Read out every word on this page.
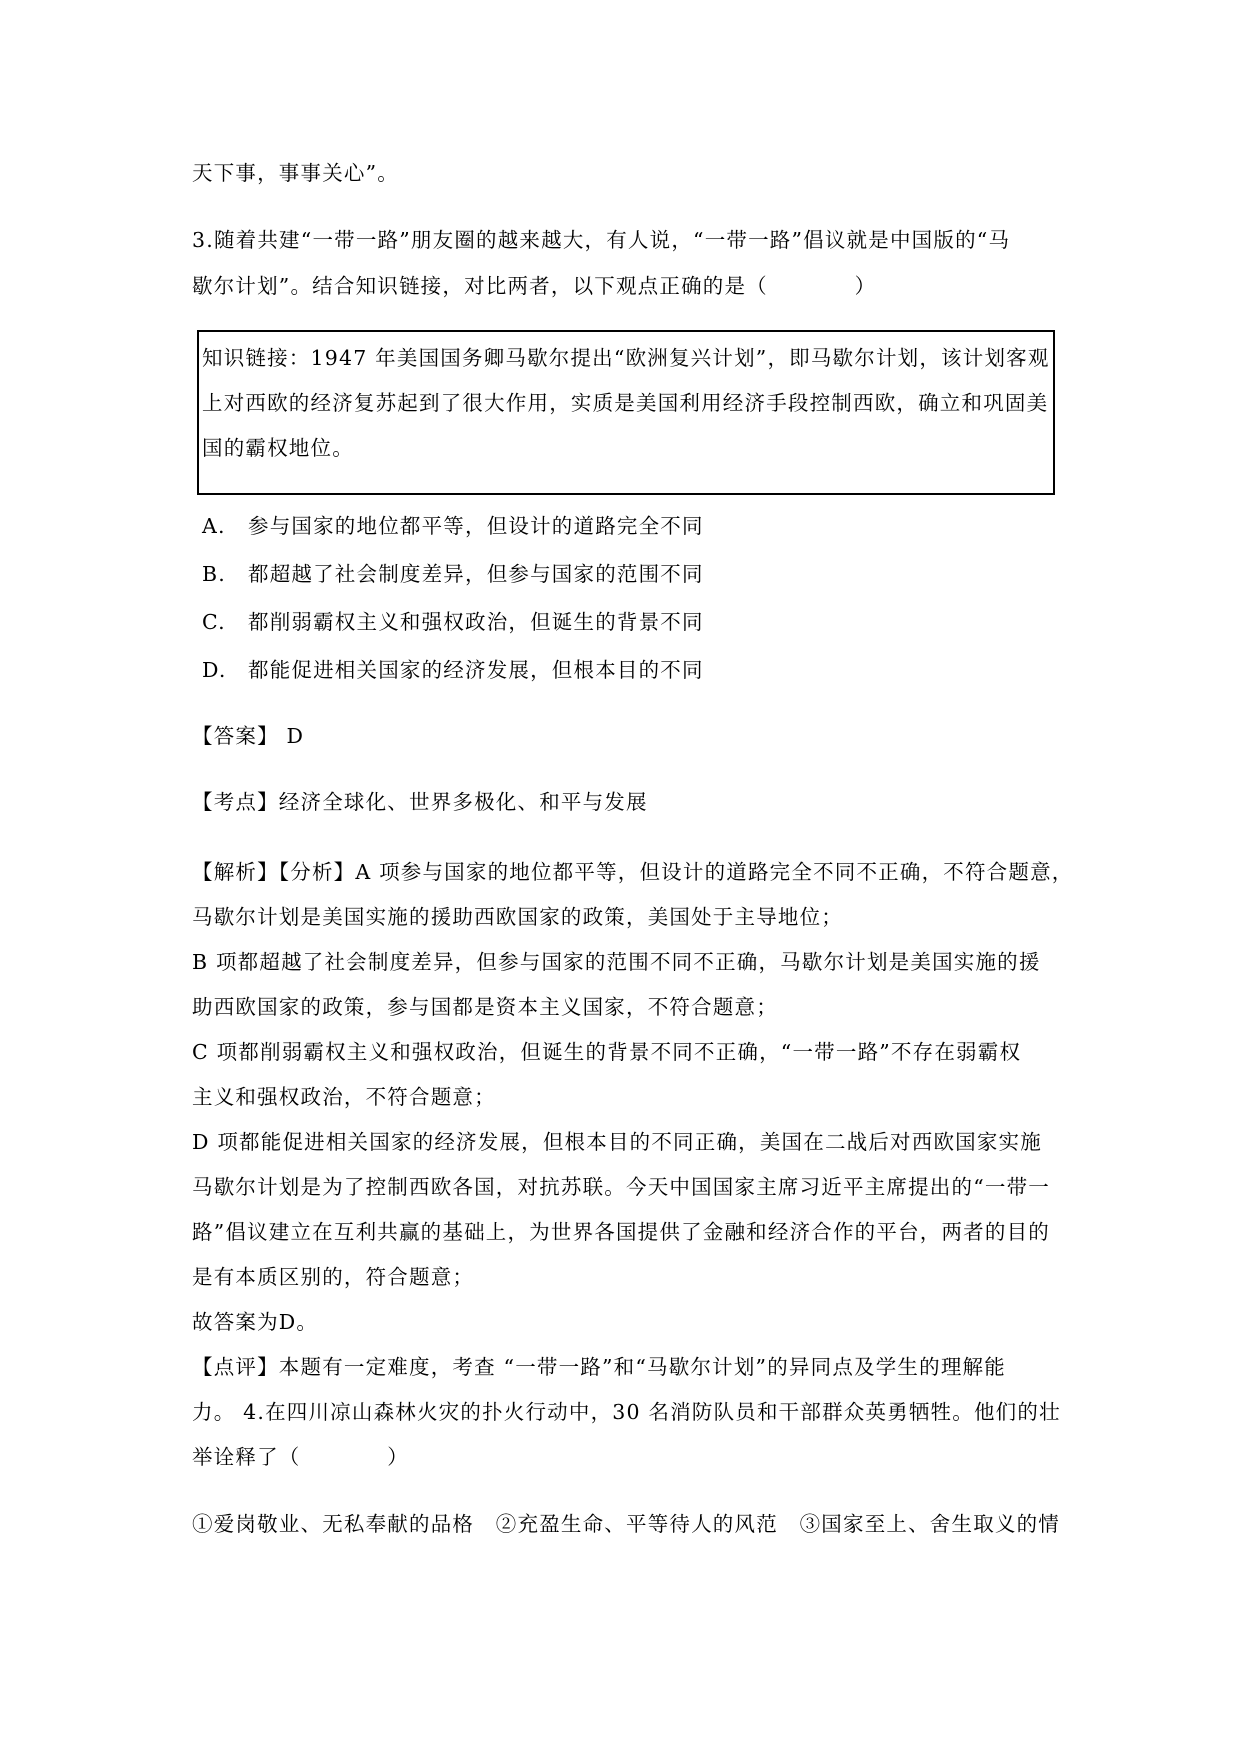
天下事，事事关心”。
3.随着共建“一带一路”朋友圈的越来越大，有人说，“一带一路”倡议就是中国版的“马
歇尔计划”。结合知识链接，对比两者，以下观点正确的是（　　　　）
知识链接：1947 年美国国务卿马歇尔提出“欧洲复兴计划”，即马歇尔计划，该计划客观
上对西欧的经济复苏起到了很大作用，实质是美国利用经济手段控制西欧，确立和巩固美
国的霸权地位。
A. 参与国家的地位都平等，但设计的道路完全不同
B. 都超越了社会制度差异，但参与国家的范围不同
C. 都削弱霸权主义和强权政治，但诞生的背景不同
D. 都能促进相关国家的经济发展，但根本目的不同
【答案】 D
【考点】经济全球化、世界多极化、和平与发展
【解析】【分析】A 项参与国家的地位都平等，但设计的道路完全不同不正确，不符合题意，
马歇尔计划是美国实施的援助西欧国家的政策，美国处于主导地位；
B 项都超越了社会制度差异，但参与国家的范围不同不正确，马歇尔计划是美国实施的援
助西欧国家的政策，参与国都是资本主义国家，不符合题意；
C 项都削弱霸权主义和强权政治，但诞生的背景不同不正确，“一带一路”不存在弱霸权
主义和强权政治，不符合题意；
D 项都能促进相关国家的经济发展，但根本目的不同正确，美国在二战后对西欧国家实施
马歇尔计划是为了控制西欧各国，对抗苏联。今天中国国家主席习近平主席提出的“一带一
路”倡议建立在互利共赢的基础上，为世界各国提供了金融和经济合作的平台，两者的目的
是有本质区别的，符合题意；
故答案为D。
【点评】本题有一定难度，考查 “一带一路”和“马歇尔计划”的异同点及学生的理解能
力。 4.在四川凉山森林火灾的扑火行动中，30 名消防队员和干部群众英勇牺牲。他们的壮
举诠释了（　　　　）
①爱岗敬业、无私奉献的品格　②充盈生命、平等待人的风范　③国家至上、舍生取义的情
